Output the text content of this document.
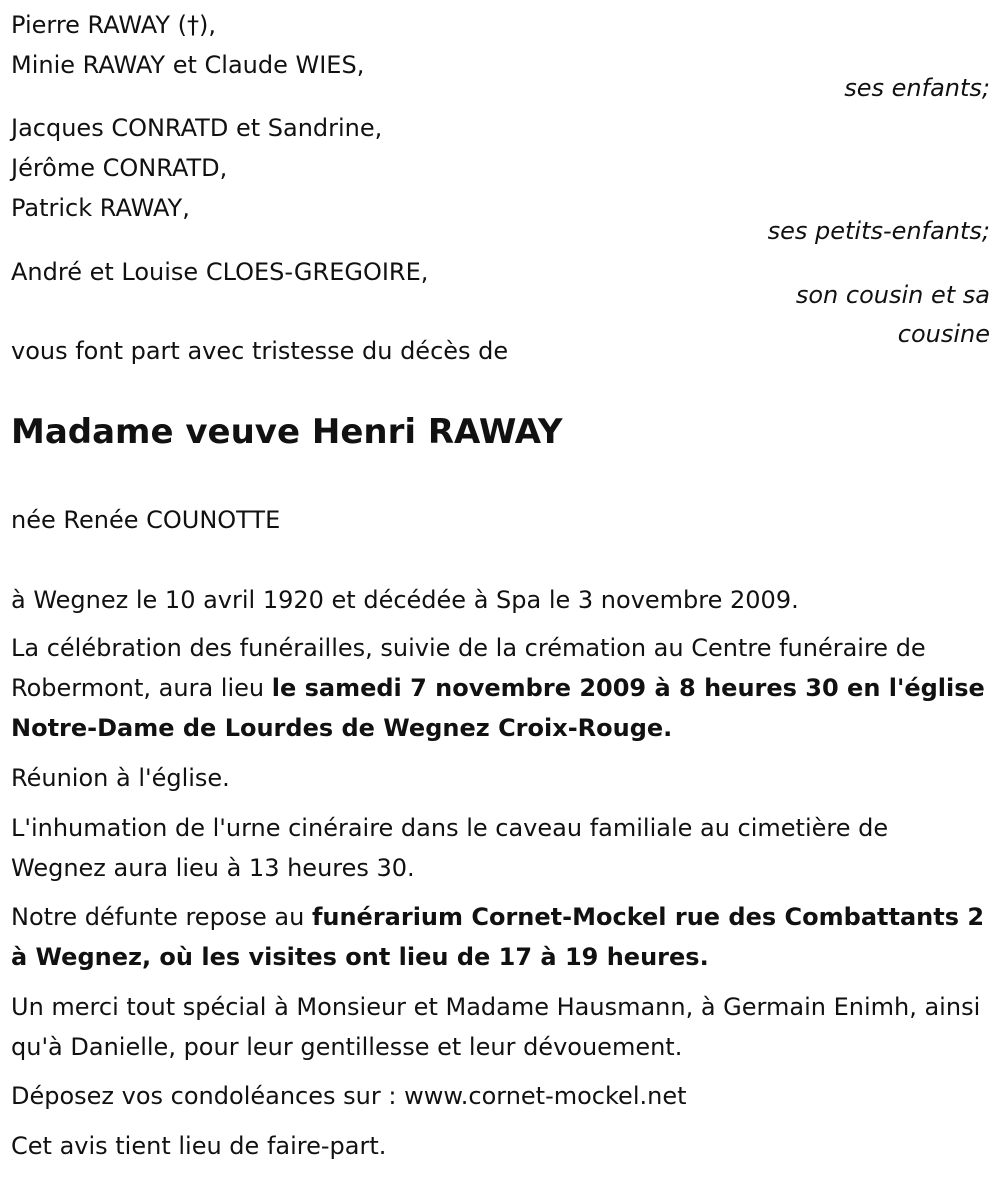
Pierre RAWAY (†),
Minie RAWAY et Claude WIES,
ses enfants;
Jacques CONRATD et Sandrine,
Jérôme CONRATD,
Patrick RAWAY,
ses petits-enfants;
André et Louise CLOES-GREGOIRE,
son cousin et sa
cousine
vous font part avec tristesse du décès de
Madame veuve Henri RAWAY
née Renée COUNOTTE
à Wegnez le 10 avril 1920 et décédée à Spa le 3 novembre 2009.
La célébration des funérailles, suivie de la crémation au Centre funéraire de Robermont, aura lieu le samedi 7 novembre 2009 à 8 heures 30 en l'église Notre-Dame de Lourdes de Wegnez Croix-Rouge.
Réunion à l'église.
L'inhumation de l'urne cinéraire dans le caveau familiale au cimetière de Wegnez aura lieu à 13 heures 30.
Notre défunte repose au funérarium Cornet-Mockel rue des Combattants 2 à Wegnez, où les visites ont lieu de 17 à 19 heures.
Un merci tout spécial à Monsieur et Madame Hausmann, à Germain Enimh, ainsi qu'à Danielle, pour leur gentillesse et leur dévouement.
Déposez vos condoléances sur : www.cornet-mockel.net
Cet avis tient lieu de faire-part.
